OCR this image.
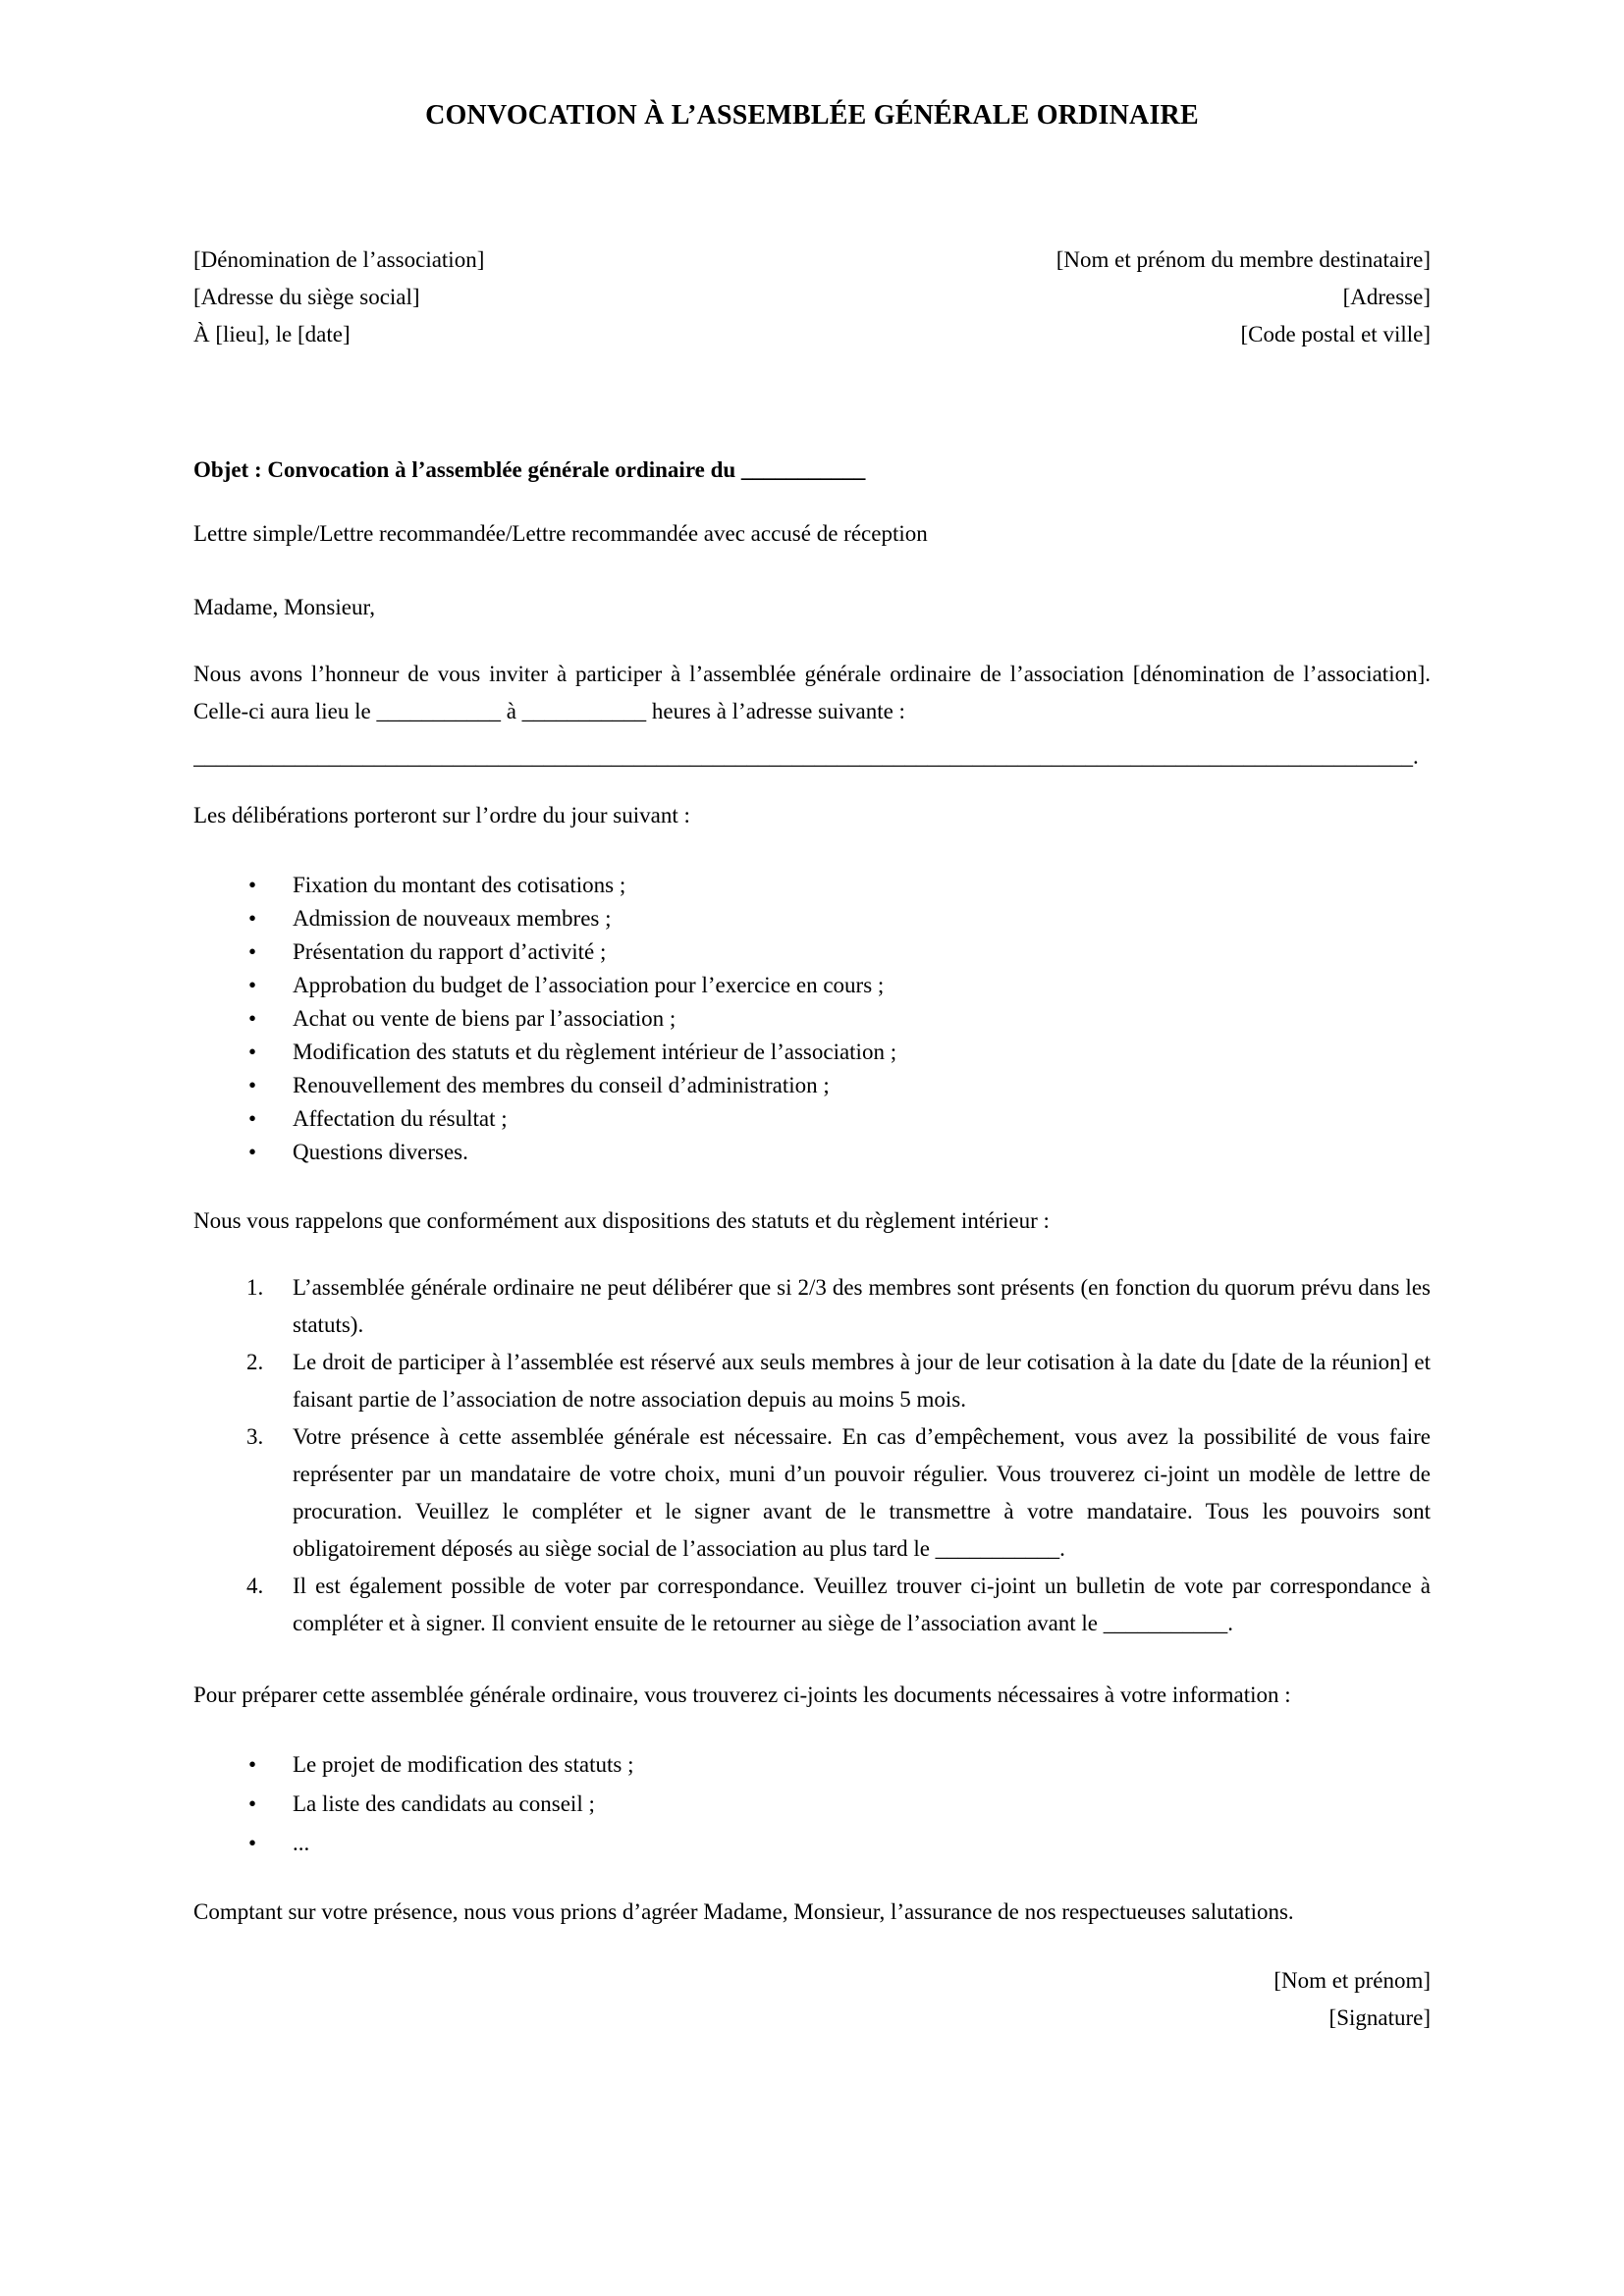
CONVOCATION À L’ASSEMBLÉE GÉNÉRALE ORDINAIRE
[Dénomination de l’association]
[Adresse du siège social]
À [lieu], le [date]
[Nom et prénom du membre destinataire]
[Adresse]
[Code postal et ville]
Objet : Convocation à l’assemblée générale ordinaire du ___________
Lettre simple/Lettre recommandée/Lettre recommandée avec accusé de réception
Madame, Monsieur,
Nous avons l’honneur de vous inviter à participer à l’assemblée générale ordinaire de l’association [dénomination de l’association]. Celle-ci aura lieu le ___________ à ___________ heures à l’adresse suivante :
____________________________________________________________________________________________________________.
Les délibérations porteront sur l’ordre du jour suivant :
•	Fixation du montant des cotisations ;
•	Admission de nouveaux membres ;
•	Présentation du rapport d’activité ;
•	Approbation du budget de l’association pour l’exercice en cours ;
•	Achat ou vente de biens par l’association ;
•	Modification des statuts et du règlement intérieur de l’association ;
•	Renouvellement des membres du conseil d’administration ;
•	Affectation du résultat ;
•	Questions diverses.
Nous vous rappelons que conformément aux dispositions des statuts et du règlement intérieur :
1.	L’assemblée générale ordinaire ne peut délibérer que si 2/3 des membres sont présents (en fonction du quorum prévu dans les statuts).
2.	Le droit de participer à l’assemblée est réservé aux seuls membres à jour de leur cotisation à la date du [date de la réunion] et faisant partie de l’association de notre association depuis au moins 5 mois.
3.	Votre présence à cette assemblée générale est nécessaire. En cas d’empêchement, vous avez la possibilité de vous faire représenter par un mandataire de votre choix, muni d’un pouvoir régulier. Vous trouverez ci-joint un modèle de lettre de procuration. Veuillez le compléter et le signer avant de le transmettre à votre mandataire. Tous les pouvoirs sont obligatoirement déposés au siège social de l’association au plus tard le ___________.
4.	Il est également possible de voter par correspondance. Veuillez trouver ci-joint un bulletin de vote par correspondance à compléter et à signer. Il convient ensuite de le retourner au siège de l’association avant le ___________.
Pour préparer cette assemblée générale ordinaire, vous trouverez ci-joints les documents nécessaires à votre information :
•	Le projet de modification des statuts ;
•	La liste des candidats au conseil ;
•	...
Comptant sur votre présence, nous vous prions d’agréer Madame, Monsieur, l’assurance de nos respectueuses salutations.
[Nom et prénom]
[Signature]
